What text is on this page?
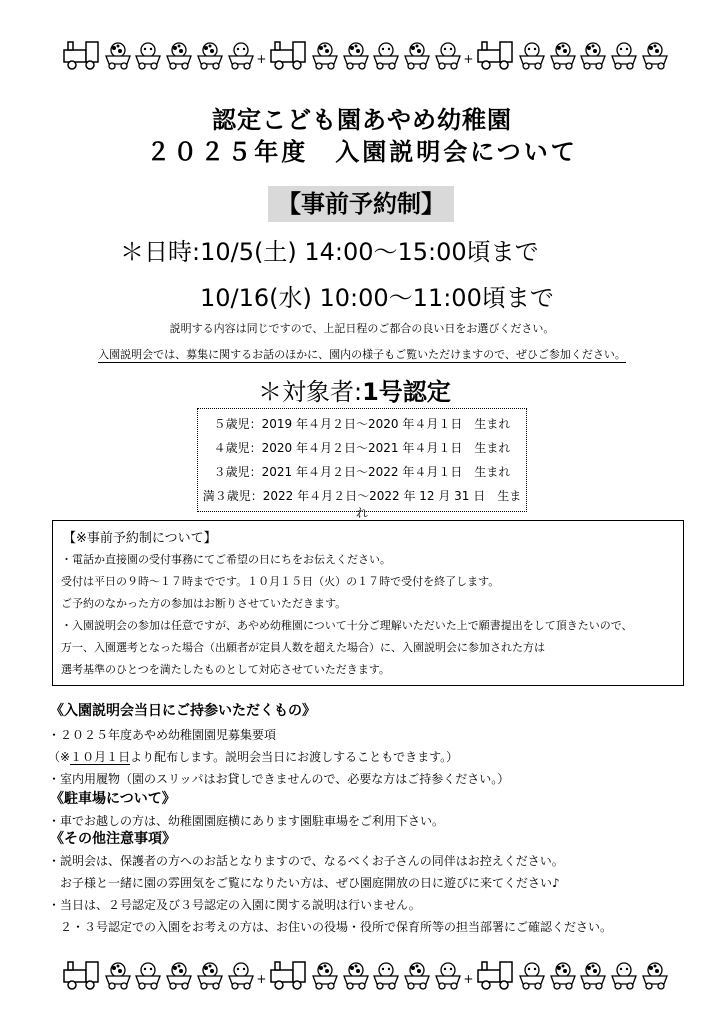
+	+
認定こども園あやめ幼稚園
２０２５年度　入園説明会について
【事前予約制】
＊日時:10/5(土) 14:00～15:00頃まで
10/16(水) 10:00～11:00頃まで
説明する内容は同じですので、上記日程のご都合の良い日をお選びください。
入園説明会では、募集に関するお話のほかに、園内の様子もご覧いただけますので、ぜひご参加ください。
＊対象者:1号認定
５歳児：2019 年４月２日～2020 年４月１日　生まれ
４歳児：2020 年４月２日～2021 年４月１日　生まれ
３歳児：2021 年４月２日～2022 年４月１日　生まれ
満３歳児：2022 年４月２日～2022 年 12 月 31 日　生まれ
【※事前予約制について】
・電話か直接園の受付事務にてご希望の日にちをお伝えください。
受付は平日の９時～１７時までです。１０月１５日（火）の１７時で受付を終了します。
ご予約のなかった方の参加はお断りさせていただきます。
・入園説明会の参加は任意ですが、あやめ幼稚園について十分ご理解いただいた上で願書提出をして頂きたいので、
万一、入園選考となった場合（出願者が定員人数を超えた場合）に、入園説明会に参加された方は
選考基準のひとつを満たしたものとして対応させていただきます。
《入園説明会当日にご持参いただくもの》
・２０２５年度あやめ幼稚園園児募集要項
（※１０月１日より配布します。説明会当日にお渡しすることもできます。）
・室内用履物（園のスリッパはお貸しできませんので、必要な方はご持参ください。）
《駐車場について》
・車でお越しの方は、幼稚園園庭横にあります園駐車場をご利用下さい。
《その他注意事項》
・説明会は、保護者の方へのお話となりますので、なるべくお子さんの同伴はお控えください。
　お子様と一緒に園の雰囲気をご覧になりたい方は、ぜひ園庭開放の日に遊びに来てください♪
・当日は、２号認定及び３号認定の入園に関する説明は行いません。
　２・３号認定での入園をお考えの方は、お住いの役場・役所で保育所等の担当部署にご確認ください。
+	+
